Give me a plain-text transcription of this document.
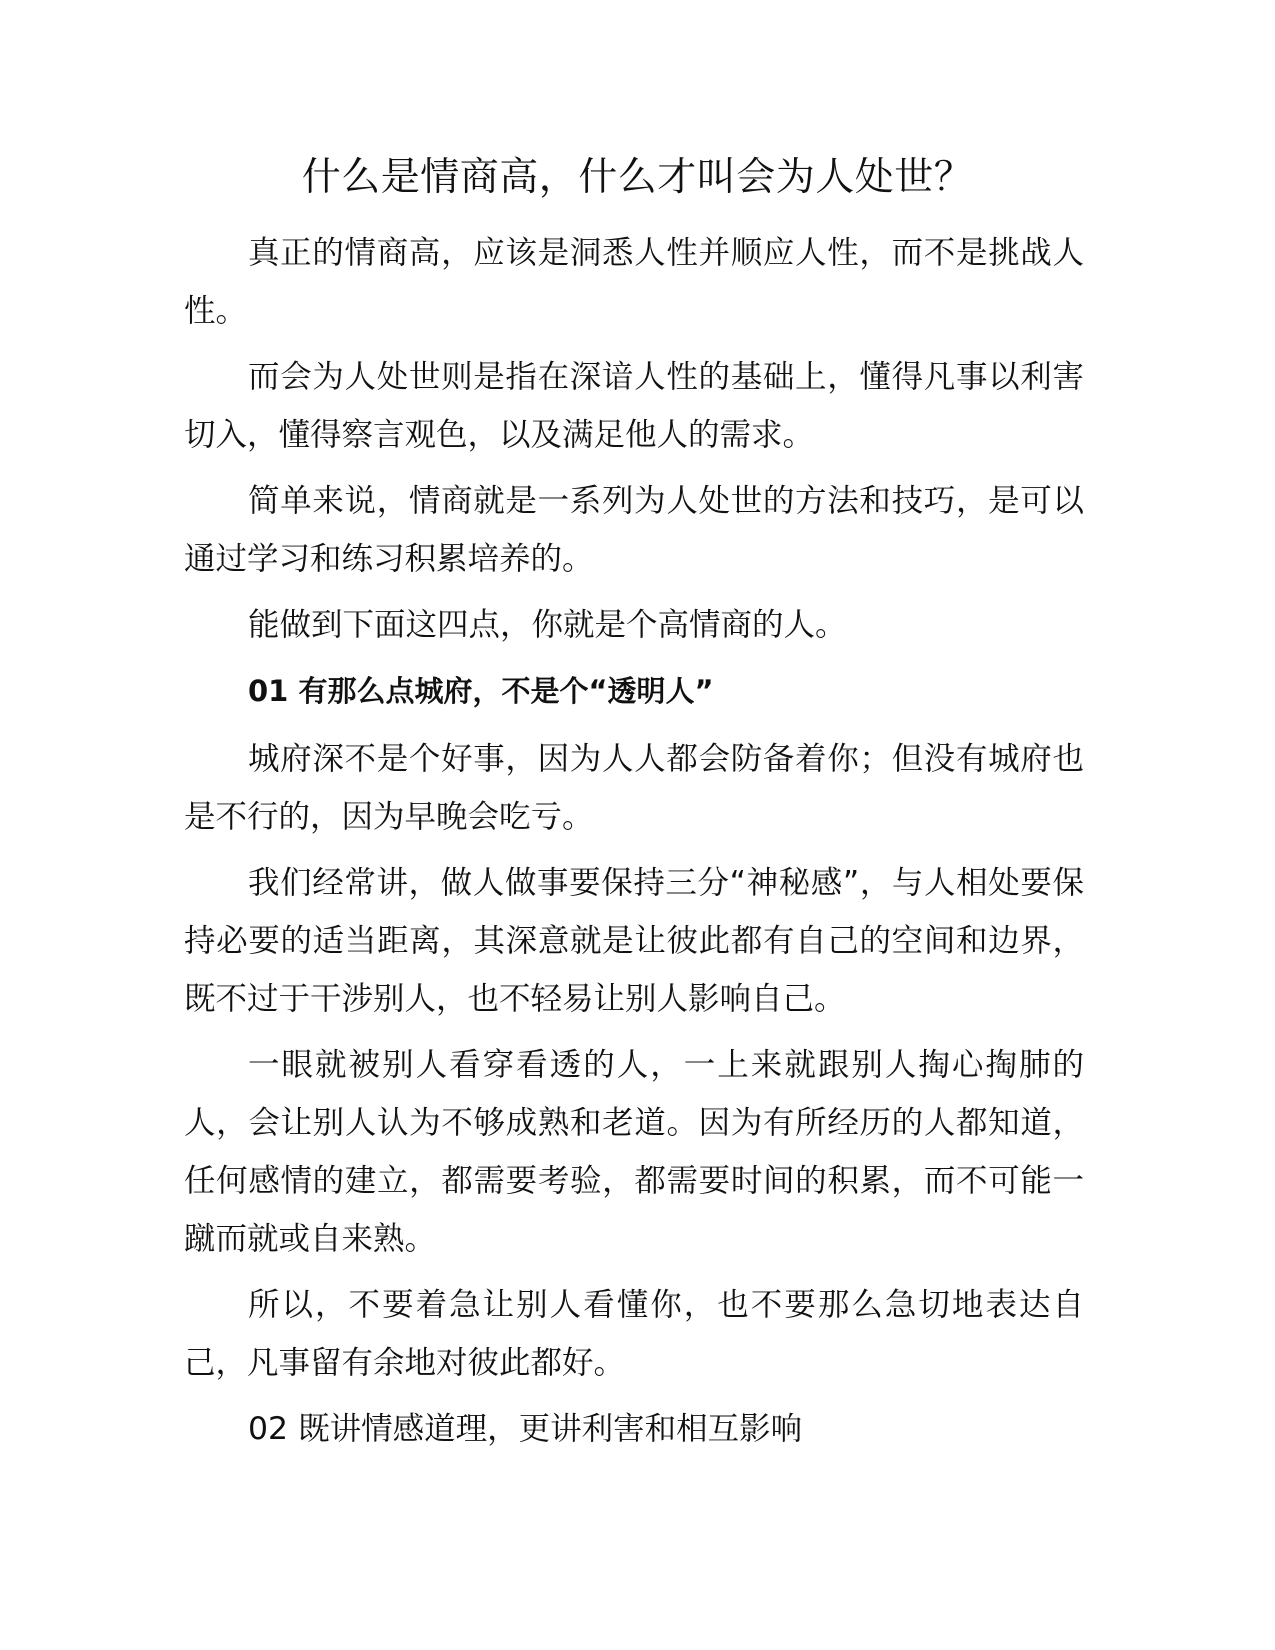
什么是情商高，什么才叫会为人处世？

真正的情商高，应该是洞悉人性并顺应人性，而不是挑战人性。

而会为人处世则是指在深谙人性的基础上，懂得凡事以利害切入，懂得察言观色，以及满足他人的需求。

简单来说，情商就是一系列为人处世的方法和技巧，是可以通过学习和练习积累培养的。

能做到下面这四点，你就是个高情商的人。

01 有那么点城府，不是个“透明人”

城府深不是个好事，因为人人都会防备着你；但没有城府也是不行的，因为早晚会吃亏。

我们经常讲，做人做事要保持三分“神秘感”，与人相处要保持必要的适当距离，其深意就是让彼此都有自己的空间和边界，既不过于干涉别人，也不轻易让别人影响自己。

一眼就被别人看穿看透的人，一上来就跟别人掏心掏肺的人，会让别人认为不够成熟和老道。因为有所经历的人都知道，任何感情的建立，都需要考验，都需要时间的积累，而不可能一蹴而就或自来熟。

所以，不要着急让别人看懂你，也不要那么急切地表达自己，凡事留有余地对彼此都好。

02 既讲情感道理，更讲利害和相互影响
